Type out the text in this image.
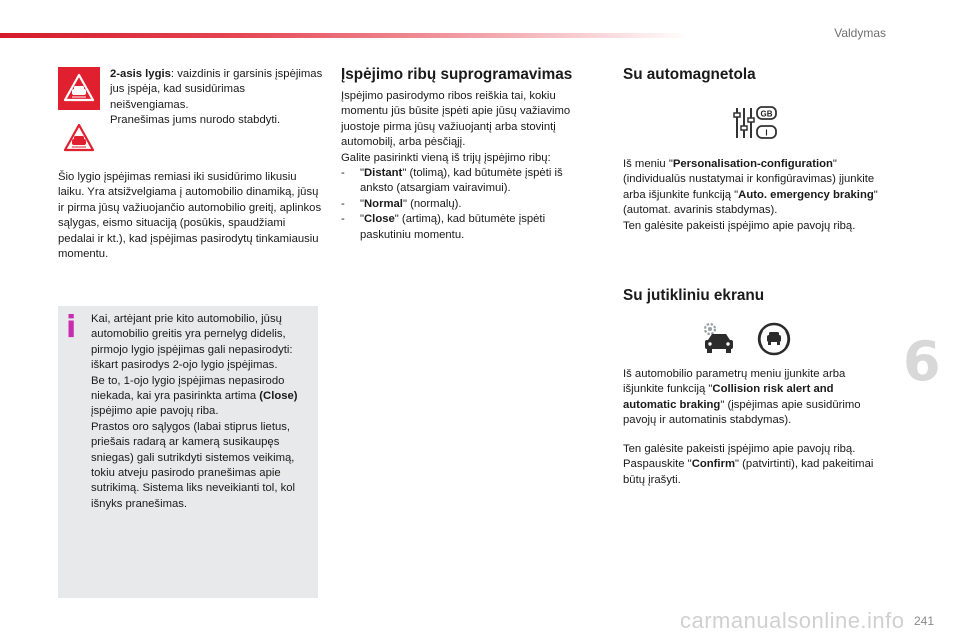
Valdymas

2-asis lygis: vaizdinis ir garsinis įspėjimas jus įspėja, kad susidūrimas neišvengiamas.

Pranešimas jums nurodo stabdyti.

Šio lygio įspėjimas remiasi iki susidūrimo likusiu laiku. Yra atsižvelgiama į automobilio dinamiką, jūsų ir pirma jūsų važiuojančio automobilio greitį, aplinkos sąlygas, eismo situaciją (posūkis, spaudžiami pedalai ir kt.), kad įspėjimas pasirodytų tinkamiausiu momentu.

i Kai, artėjant prie kito automobilio, jūsų automobilio greitis yra pernelyg didelis, pirmojo lygio įspėjimas gali nepasirodyti: iškart pasirodys 2-ojo lygio įspėjimas.

Be to, 1-ojo lygio įspėjimas nepasirodo niekada, kai yra pasirinkta artima (Close) įspėjimo apie pavojų riba.

Prastos oro sąlygos (labai stiprus lietus, priešais radarą ar kamerą susikaupęs sniegas) gali sutrikdyti sistemos veikimą, tokiu atveju pasirodo pranešimas apie sutrikimą. Sistema liks neveikianti tol, kol išnyks pranešimas.

Įspėjimo ribų suprogramavimas

Įspėjimo pasirodymo ribos reiškia tai, kokiu momentu jūs būsite įspėti apie jūsų važiavimo juostoje pirma jūsų važiuojantį arba stovintį automobilį, arba pėsčiąjį.

Galite pasirinkti vieną iš trijų įspėjimo ribų:

-	"Distant" (tolimą), kad būtumėte įspėti iš anksto (atsargiam vairavimui).
-	"Normal" (normalų).
-	"Close" (artimą), kad būtumėte įspėti paskutiniu momentu.
Su automagnetola
GB
I

Iš meniu "Personalisation-configuration" (individualūs nustatymai ir konfigūravimas) įjunkite arba išjunkite funkciją "Auto. emergency braking" (automat. avarinis stabdymas).

Ten galėsite pakeisti įspėjimo apie pavojų ribą.

Su jutikliniu ekranu

Iš automobilio parametrų meniu įjunkite arba išjunkite funkciją "Collision risk alert and automatic braking" (įspėjimas apie susidūrimo pavojų ir automatinis stabdymas).

Ten galėsite pakeisti įspėjimo apie pavojų ribą.

Paspauskite "Confirm" (patvirtinti), kad pakeitimai būtų įrašyti.

6
carmanualsonline.info 241
